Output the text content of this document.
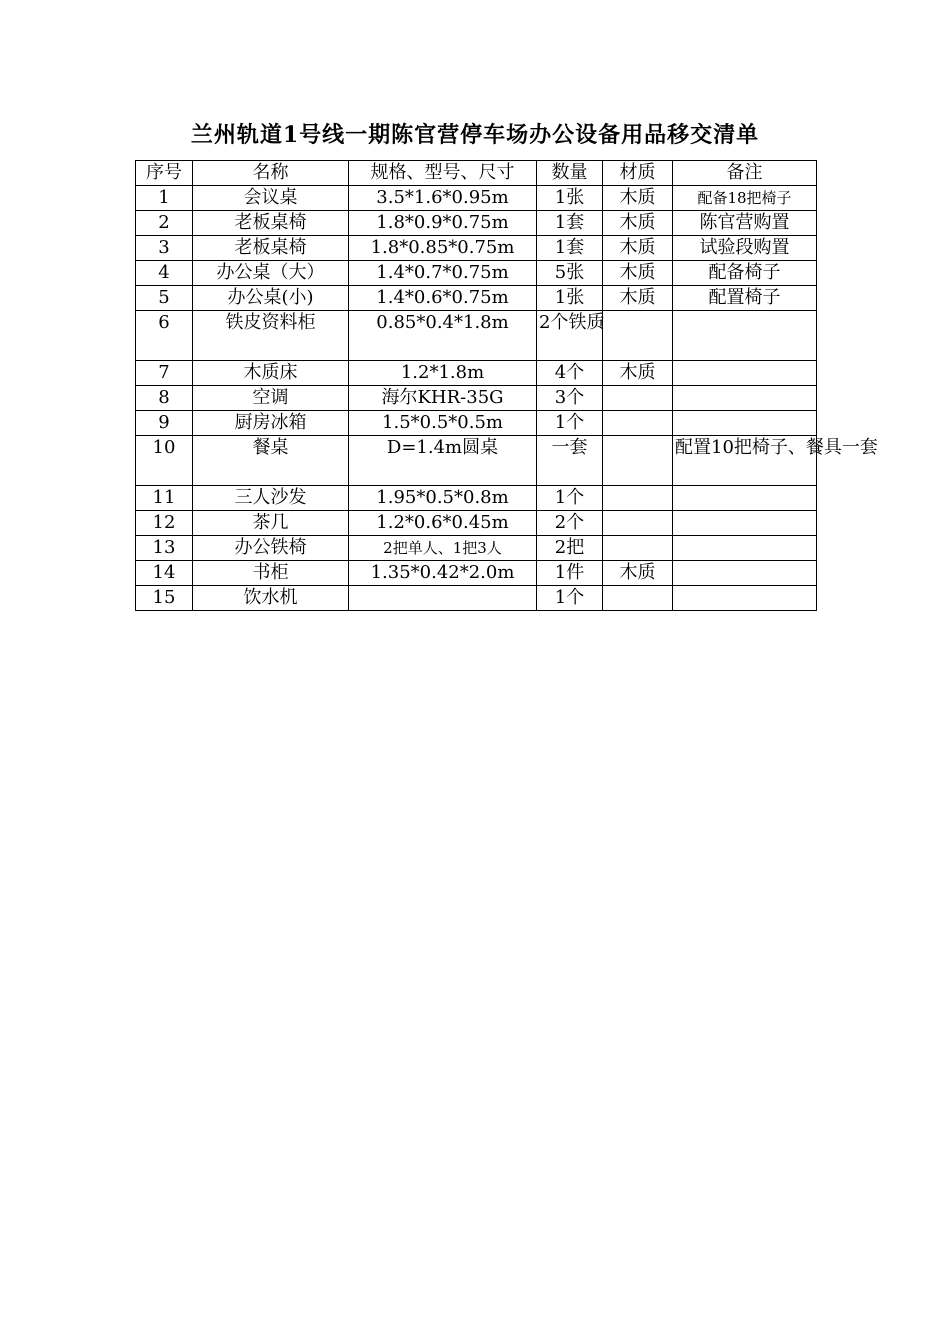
兰州轨道1号线一期陈官营停车场办公设备用品移交清单
序号	名称	规格、型号、尺寸	数量	材质	备注
1	会议桌	3.5*1.6*0.95m	1张	木质	配备18把椅子
2	老板桌椅	1.8*0.9*0.75m	1套	木质	陈官营购置
3	老板桌椅	1.8*0.85*0.75m	1套	木质	试验段购置
4	办公桌（大）	1.4*0.7*0.75m	5张	木质	配备椅子
5	办公桌(小)	1.4*0.6*0.75m	1张	木质	配置椅子
6	铁皮资料柜	0.85*0.4*1.8m	2个铁质		
7	木质床	1.2*1.8m	4个	木质	
8	空调	海尔KHR-35G	3个		
9	厨房冰箱	1.5*0.5*0.5m	1个		
10	餐桌	D=1.4m圆桌	一套		配置10把椅子、餐具一套
11	三人沙发	1.95*0.5*0.8m	1个		
12	茶几	1.2*0.6*0.45m	2个		
13	办公铁椅	2把单人、1把3人	2把		
14	书柜	1.35*0.42*2.0m	1件	木质	
15	饮水机		1个		
